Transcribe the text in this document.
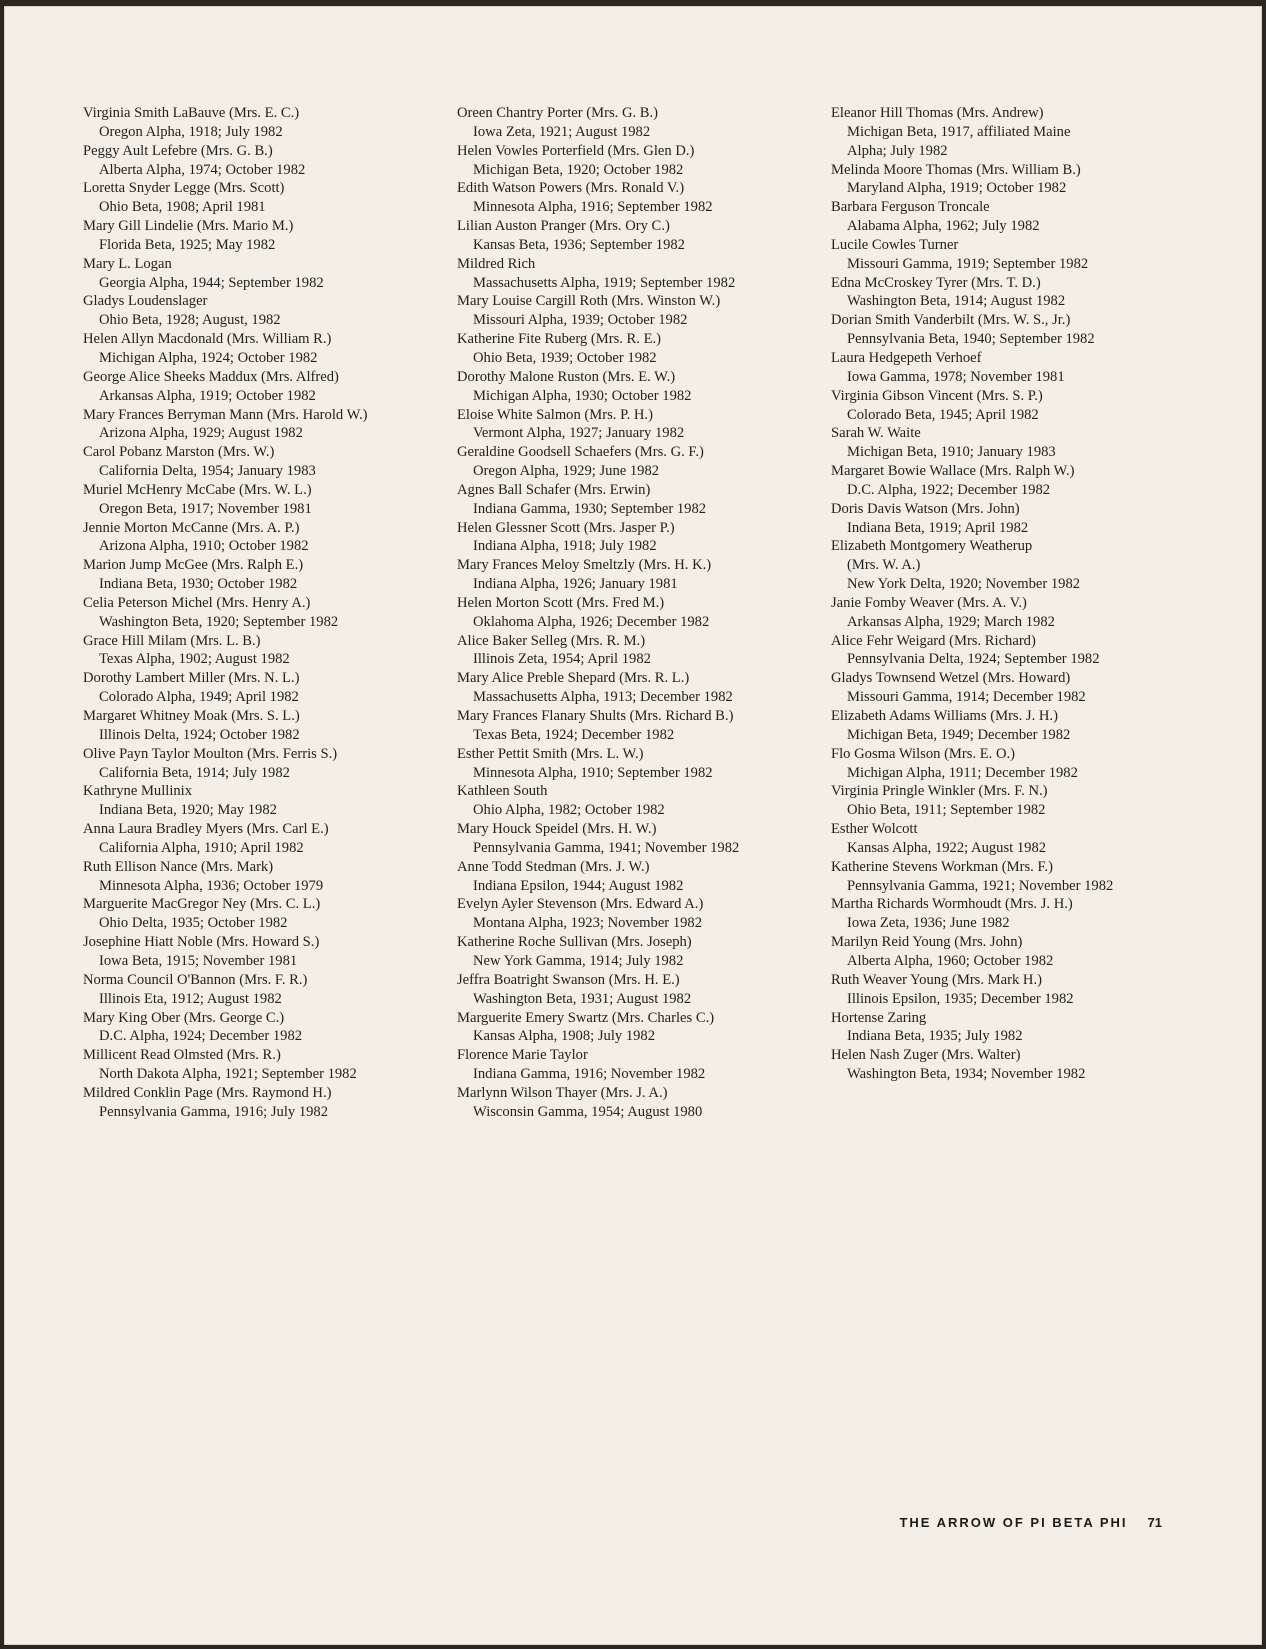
Virginia Smith LaBauve (Mrs. E. C.)
Oregon Alpha, 1918; July 1982
Peggy Ault Lefebre (Mrs. G. B.)
Alberta Alpha, 1974; October 1982
Loretta Snyder Legge (Mrs. Scott)
Ohio Beta, 1908; April 1981
Mary Gill Lindelie (Mrs. Mario M.)
Florida Beta, 1925; May 1982
Mary L. Logan
Georgia Alpha, 1944; September 1982
Gladys Loudenslager
Ohio Beta, 1928; August, 1982
Helen Allyn Macdonald (Mrs. William R.)
Michigan Alpha, 1924; October 1982
George Alice Sheeks Maddux (Mrs. Alfred)
Arkansas Alpha, 1919; October 1982
Mary Frances Berryman Mann (Mrs. Harold W.)
Arizona Alpha, 1929; August 1982
Carol Pobanz Marston (Mrs. W.)
California Delta, 1954; January 1983
Muriel McHenry McCabe (Mrs. W. L.)
Oregon Beta, 1917; November 1981
Jennie Morton McCanne (Mrs. A. P.)
Arizona Alpha, 1910; October 1982
Marion Jump McGee (Mrs. Ralph E.)
Indiana Beta, 1930; October 1982
Celia Peterson Michel (Mrs. Henry A.)
Washington Beta, 1920; September 1982
Grace Hill Milam (Mrs. L. B.)
Texas Alpha, 1902; August 1982
Dorothy Lambert Miller (Mrs. N. L.)
Colorado Alpha, 1949; April 1982
Margaret Whitney Moak (Mrs. S. L.)
Illinois Delta, 1924; October 1982
Olive Payn Taylor Moulton (Mrs. Ferris S.)
California Beta, 1914; July 1982
Kathryne Mullinix
Indiana Beta, 1920; May 1982
Anna Laura Bradley Myers (Mrs. Carl E.)
California Alpha, 1910; April 1982
Ruth Ellison Nance (Mrs. Mark)
Minnesota Alpha, 1936; October 1979
Marguerite MacGregor Ney (Mrs. C. L.)
Ohio Delta, 1935; October 1982
Josephine Hiatt Noble (Mrs. Howard S.)
Iowa Beta, 1915; November 1981
Norma Council O'Bannon (Mrs. F. R.)
Illinois Eta, 1912; August 1982
Mary King Ober (Mrs. George C.)
D.C. Alpha, 1924; December 1982
Millicent Read Olmsted (Mrs. R.)
North Dakota Alpha, 1921; September 1982
Mildred Conklin Page (Mrs. Raymond H.)
Pennsylvania Gamma, 1916; July 1982
Oreen Chantry Porter (Mrs. G. B.)
Iowa Zeta, 1921; August 1982
Helen Vowles Porterfield (Mrs. Glen D.)
Michigan Beta, 1920; October 1982
Edith Watson Powers (Mrs. Ronald V.)
Minnesota Alpha, 1916; September 1982
Lilian Auston Pranger (Mrs. Ory C.)
Kansas Beta, 1936; September 1982
Mildred Rich
Massachusetts Alpha, 1919; September 1982
Mary Louise Cargill Roth (Mrs. Winston W.)
Missouri Alpha, 1939; October 1982
Katherine Fite Ruberg (Mrs. R. E.)
Ohio Beta, 1939; October 1982
Dorothy Malone Ruston (Mrs. E. W.)
Michigan Alpha, 1930; October 1982
Eloise White Salmon (Mrs. P. H.)
Vermont Alpha, 1927; January 1982
Geraldine Goodsell Schaefers (Mrs. G. F.)
Oregon Alpha, 1929; June 1982
Agnes Ball Schafer (Mrs. Erwin)
Indiana Gamma, 1930; September 1982
Helen Glessner Scott (Mrs. Jasper P.)
Indiana Alpha, 1918; July 1982
Mary Frances Meloy Smeltzly (Mrs. H. K.)
Indiana Alpha, 1926; January 1981
Helen Morton Scott (Mrs. Fred M.)
Oklahoma Alpha, 1926; December 1982
Alice Baker Selleg (Mrs. R. M.)
Illinois Zeta, 1954; April 1982
Mary Alice Preble Shepard (Mrs. R. L.)
Massachusetts Alpha, 1913; December 1982
Mary Frances Flanary Shults (Mrs. Richard B.)
Texas Beta, 1924; December 1982
Esther Pettit Smith (Mrs. L. W.)
Minnesota Alpha, 1910; September 1982
Kathleen South
Ohio Alpha, 1982; October 1982
Mary Houck Speidel (Mrs. H. W.)
Pennsylvania Gamma, 1941; November 1982
Anne Todd Stedman (Mrs. J. W.)
Indiana Epsilon, 1944; August 1982
Evelyn Ayler Stevenson (Mrs. Edward A.)
Montana Alpha, 1923; November 1982
Katherine Roche Sullivan (Mrs. Joseph)
New York Gamma, 1914; July 1982
Jeffra Boatright Swanson (Mrs. H. E.)
Washington Beta, 1931; August 1982
Marguerite Emery Swartz (Mrs. Charles C.)
Kansas Alpha, 1908; July 1982
Florence Marie Taylor
Indiana Gamma, 1916; November 1982
Marlynn Wilson Thayer (Mrs. J. A.)
Wisconsin Gamma, 1954; August 1980
Eleanor Hill Thomas (Mrs. Andrew)
Michigan Beta, 1917, affiliated Maine
Alpha; July 1982
Melinda Moore Thomas (Mrs. William B.)
Maryland Alpha, 1919; October 1982
Barbara Ferguson Troncale
Alabama Alpha, 1962; July 1982
Lucile Cowles Turner
Missouri Gamma, 1919; September 1982
Edna McCroskey Tyrer (Mrs. T. D.)
Washington Beta, 1914; August 1982
Dorian Smith Vanderbilt (Mrs. W. S., Jr.)
Pennsylvania Beta, 1940; September 1982
Laura Hedgepeth Verhoef
Iowa Gamma, 1978; November 1981
Virginia Gibson Vincent (Mrs. S. P.)
Colorado Beta, 1945; April 1982
Sarah W. Waite
Michigan Beta, 1910; January 1983
Margaret Bowie Wallace (Mrs. Ralph W.)
D.C. Alpha, 1922; December 1982
Doris Davis Watson (Mrs. John)
Indiana Beta, 1919; April 1982
Elizabeth Montgomery Weatherup
(Mrs. W. A.)
New York Delta, 1920; November 1982
Janie Fomby Weaver (Mrs. A. V.)
Arkansas Alpha, 1929; March 1982
Alice Fehr Weigard (Mrs. Richard)
Pennsylvania Delta, 1924; September 1982
Gladys Townsend Wetzel (Mrs. Howard)
Missouri Gamma, 1914; December 1982
Elizabeth Adams Williams (Mrs. J. H.)
Michigan Beta, 1949; December 1982
Flo Gosma Wilson (Mrs. E. O.)
Michigan Alpha, 1911; December 1982
Virginia Pringle Winkler (Mrs. F. N.)
Ohio Beta, 1911; September 1982
Esther Wolcott
Kansas Alpha, 1922; August 1982
Katherine Stevens Workman (Mrs. F.)
Pennsylvania Gamma, 1921; November 1982
Martha Richards Wormhoudt (Mrs. J. H.)
Iowa Zeta, 1936; June 1982
Marilyn Reid Young (Mrs. John)
Alberta Alpha, 1960; October 1982
Ruth Weaver Young (Mrs. Mark H.)
Illinois Epsilon, 1935; December 1982
Hortense Zaring
Indiana Beta, 1935; July 1982
Helen Nash Zuger (Mrs. Walter)
Washington Beta, 1934; November 1982
THE ARROW OF PI BETA PHI 71
